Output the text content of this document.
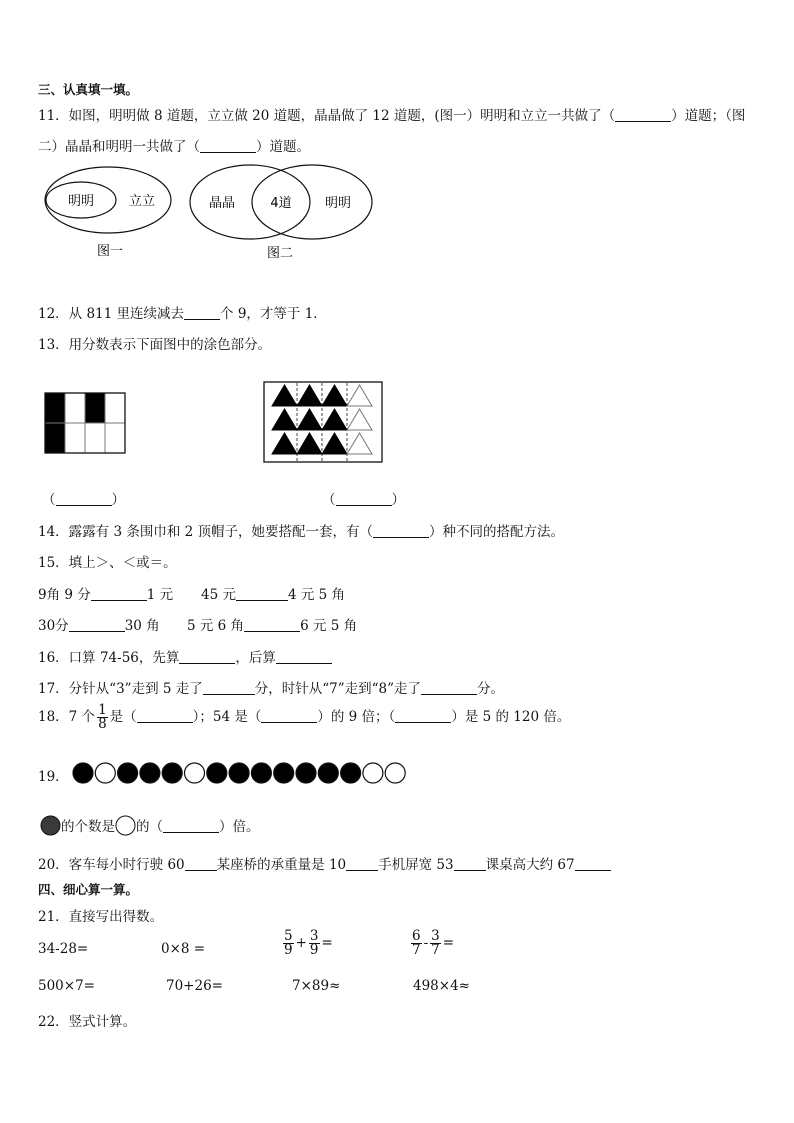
三、认真填一填。
11．如图，明明做 8 道题，立立做 20 道题，晶晶做了 12 道题，(图一）明明和立立一共做了（	）道题；（图
二）晶晶和明明一共做了（	）道题。
明明	立立
图一
晶晶	4道	明明
图二
12．从 811 里连续减去	个 9，才等于 1．
13．用分数表示下面图中的涂色部分。
（	）	（	）
14．露露有 3 条围巾和 2 顶帽子，她要搭配一套，有（	）种不同的搭配方法。
15．填上＞、＜或＝。
9角 9 分	1 元 45 元	4 元 5 角
30分	30 角 5 元 6 角	6 元 5 角
16．口算 74-56，先算	，后算
17．分针从“3”走到 5 走了	分，时针从“7”走到“8”走了	分。
18．7 个 $\frac{1}{8}$ 是（	）；54 是（	）的 9 倍；（	）是 5 的 120 倍。
19．
的个数是 的（	）倍。
20．客车每小时行驶 60 某座桥的承重量是 10 手机屏宽 53 课桌高大约 67
四、细心算一算。
21．直接写出得数。
34-28=	0×8 =	$\frac{5}{9} + \frac{3}{9}$ =	$\frac{6}{7} - \frac{3}{7}$ =
500×7=	70+26=	7×89≈	498×4≈
22．竖式计算。
